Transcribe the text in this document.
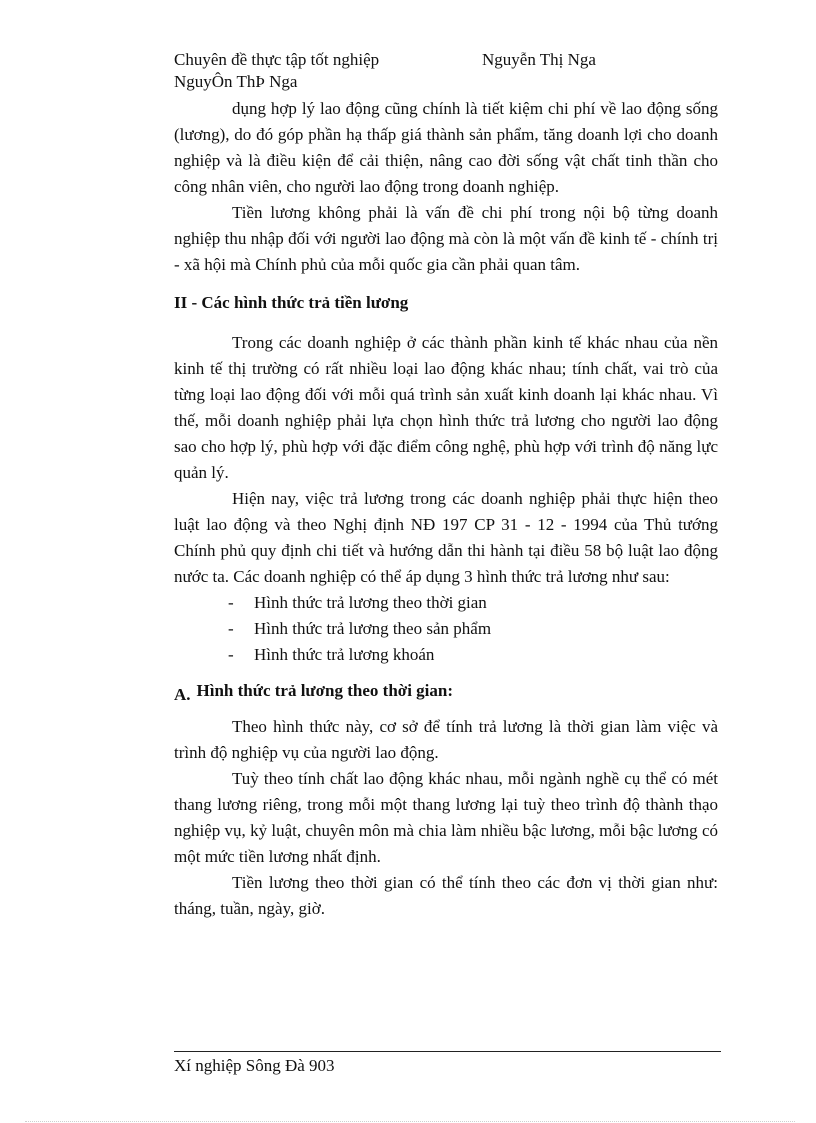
Chuyên đề thực tập tốt nghiệp	Nguyễn Thị Nga
NguyÔn ThÞ Nga

dụng hợp lý lao động cũng chính là tiết kiệm chi phí về lao động sống (lương), do đó góp phần hạ thấp giá thành sản phẩm, tăng doanh lợi cho doanh nghiệp và là điều kiện để cải thiện, nâng cao đời sống vật chất tinh thần cho công nhân viên, cho người lao động trong doanh nghiệp.

Tiền lương không phải là vấn đề chi phí trong nội bộ từng doanh nghiệp thu nhập đối với người lao động mà còn là một vấn đề kinh tế - chính trị - xã hội mà Chính phủ của mỗi quốc gia cần phải quan tâm.

II - Các hình thức trả tiền lương

Trong các doanh nghiệp ở các thành phần kinh tế khác nhau của nền kinh tế thị trường có rất nhiều loại lao động khác nhau; tính chất, vai trò của từng loại lao động đối với mỗi quá trình sản xuất kinh doanh lại khác nhau. Vì thế, mỗi doanh nghiệp phải lựa chọn hình thức trả lương cho người lao động sao cho hợp lý, phù hợp với đặc điểm công nghệ, phù hợp với trình độ năng lực quản lý.

Hiện nay, việc trả lương trong các doanh nghiệp phải thực hiện theo luật lao động và theo Nghị định NĐ 197 CP 31 - 12 - 1994 của Thủ tướng Chính phủ quy định chi tiết và hướng dẫn thi hành tại điều 58 bộ luật lao động nước ta. Các doanh nghiệp có thể áp dụng 3 hình thức trả lương như sau:

- Hình thức trả lương theo thời gian
- Hình thức trả lương theo sản phẩm
- Hình thức trả lương khoán
A. Hình thức trả lương theo thời gian:

Theo hình thức này, cơ sở để tính trả lương là thời gian làm việc và trình độ nghiệp vụ của người lao động.

Tuỳ theo tính chất lao động khác nhau, mỗi ngành nghề cụ thể có mét thang lương riêng, trong mỗi một thang lương lại tuỳ theo trình độ thành thạo nghiệp vụ, kỷ luật, chuyên môn mà chia làm nhiều bậc lương, mỗi bậc lương có một mức tiền lương nhất định.

Tiền lương theo thời gian có thể tính theo các đơn vị thời gian như: tháng, tuần, ngày, giờ.

Xí nghiệp Sông Đà 903
